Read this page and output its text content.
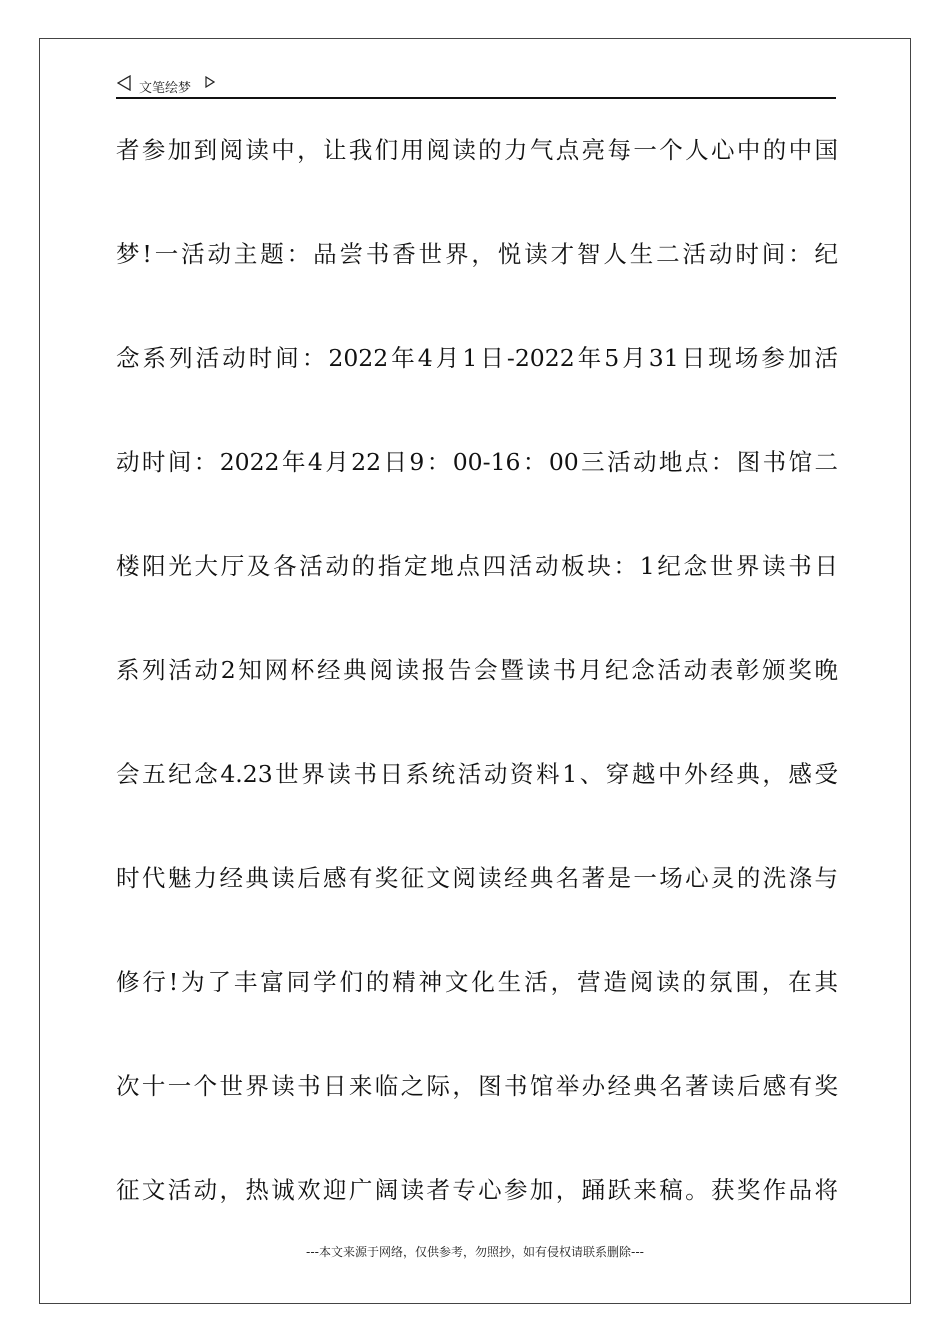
文笔绘梦
者参加到阅读中，让我们用阅读的力气点亮每一个人心中的中国
梦!一活动主题：品尝书香世界，悦读才智人生二活动时间：纪
念系列活动时间：2022年4月1日-2022年5月31日现场参加活
动时间：2022年4月22日9：00-16：00三活动地点：图书馆二
楼阳光大厅及各活动的指定地点四活动板块：1纪念世界读书日
系列活动2知网杯经典阅读报告会暨读书月纪念活动表彰颁奖晚
会五纪念4.23世界读书日系统活动资料1、穿越中外经典，感受
时代魅力经典读后感有奖征文阅读经典名著是一场心灵的洗涤与
修行!为了丰富同学们的精神文化生活，营造阅读的氛围，在其
次十一个世界读书日来临之际，图书馆举办经典名著读后感有奖
征文活动，热诚欢迎广阔读者专心参加，踊跃来稿。获奖作品将
---本文来源于网络，仅供参考，勿照抄，如有侵权请联系删除---
